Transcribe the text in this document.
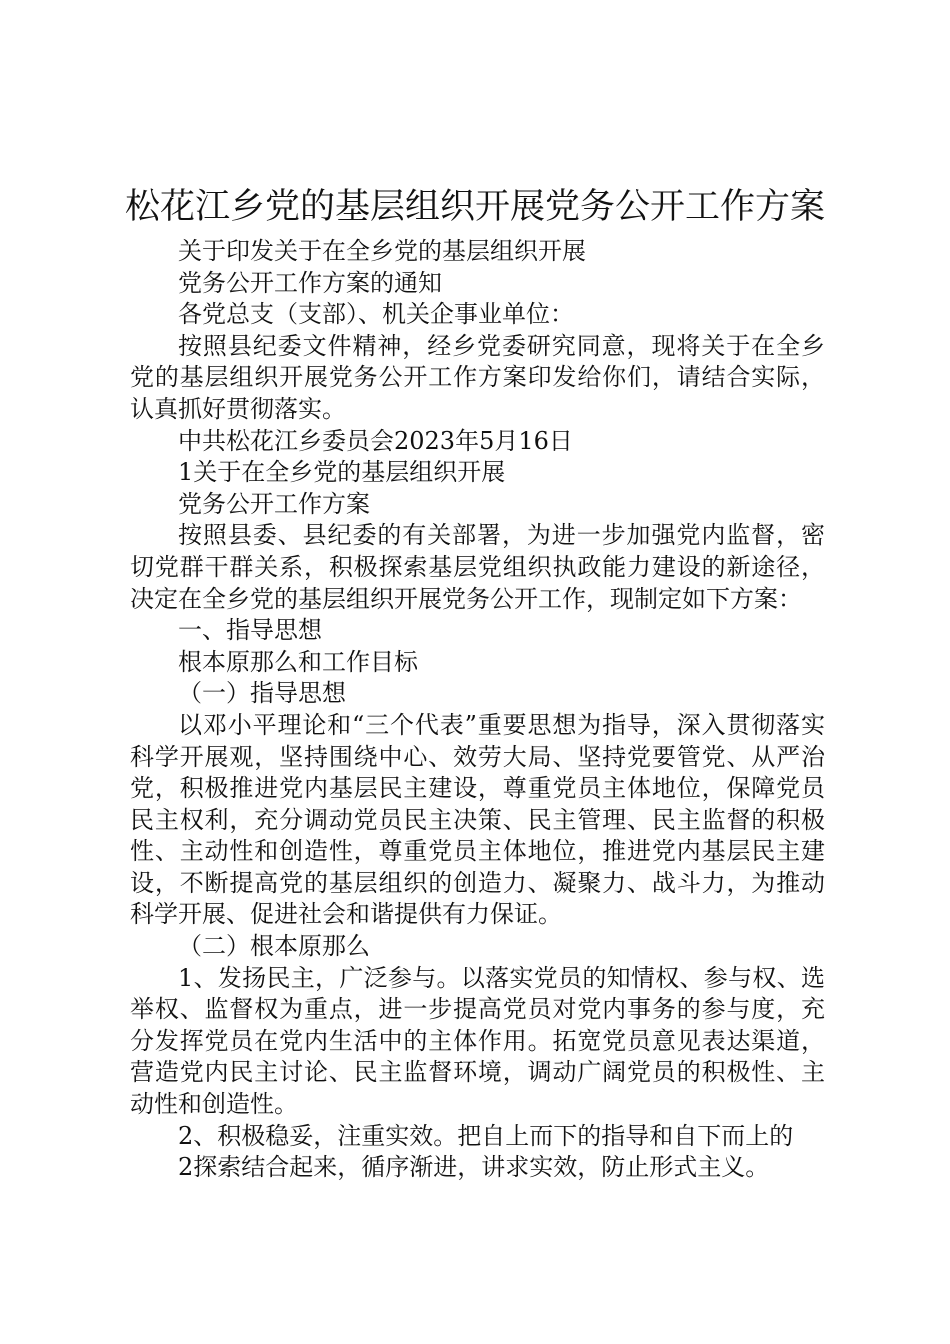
松花江乡党的基层组织开展党务公开工作方案

关于印发关于在全乡党的基层组织开展

党务公开工作方案的通知

各党总支（支部）、机关企事业单位：

按照县纪委文件精神，经乡党委研究同意，现将关于在全乡党的基层组织开展党务公开工作方案印发给你们，请结合实际，认真抓好贯彻落实。

中共松花江乡委员会2023年5月16日

1关于在全乡党的基层组织开展

党务公开工作方案

按照县委、县纪委的有关部署，为进一步加强党内监督，密切党群干群关系，积极探索基层党组织执政能力建设的新途径，决定在全乡党的基层组织开展党务公开工作，现制定如下方案：

一、指导思想

根本原那么和工作目标

（一）指导思想

以邓小平理论和“三个代表”重要思想为指导，深入贯彻落实科学开展观，坚持围绕中心、效劳大局、坚持党要管党、从严治党，积极推进党内基层民主建设，尊重党员主体地位，保障党员民主权利，充分调动党员民主决策、民主管理、民主监督的积极性、主动性和创造性，尊重党员主体地位，推进党内基层民主建设，不断提高党的基层组织的创造力、凝聚力、战斗力，为推动科学开展、促进社会和谐提供有力保证。

（二）根本原那么

1、发扬民主，广泛参与。以落实党员的知情权、参与权、选举权、监督权为重点，进一步提高党员对党内事务的参与度，充分发挥党员在党内生活中的主体作用。拓宽党员意见表达渠道，营造党内民主讨论、民主监督环境，调动广阔党员的积极性、主动性和创造性。

2、积极稳妥，注重实效。把自上而下的指导和自下而上的

2探索结合起来，循序渐进，讲求实效，防止形式主义。
